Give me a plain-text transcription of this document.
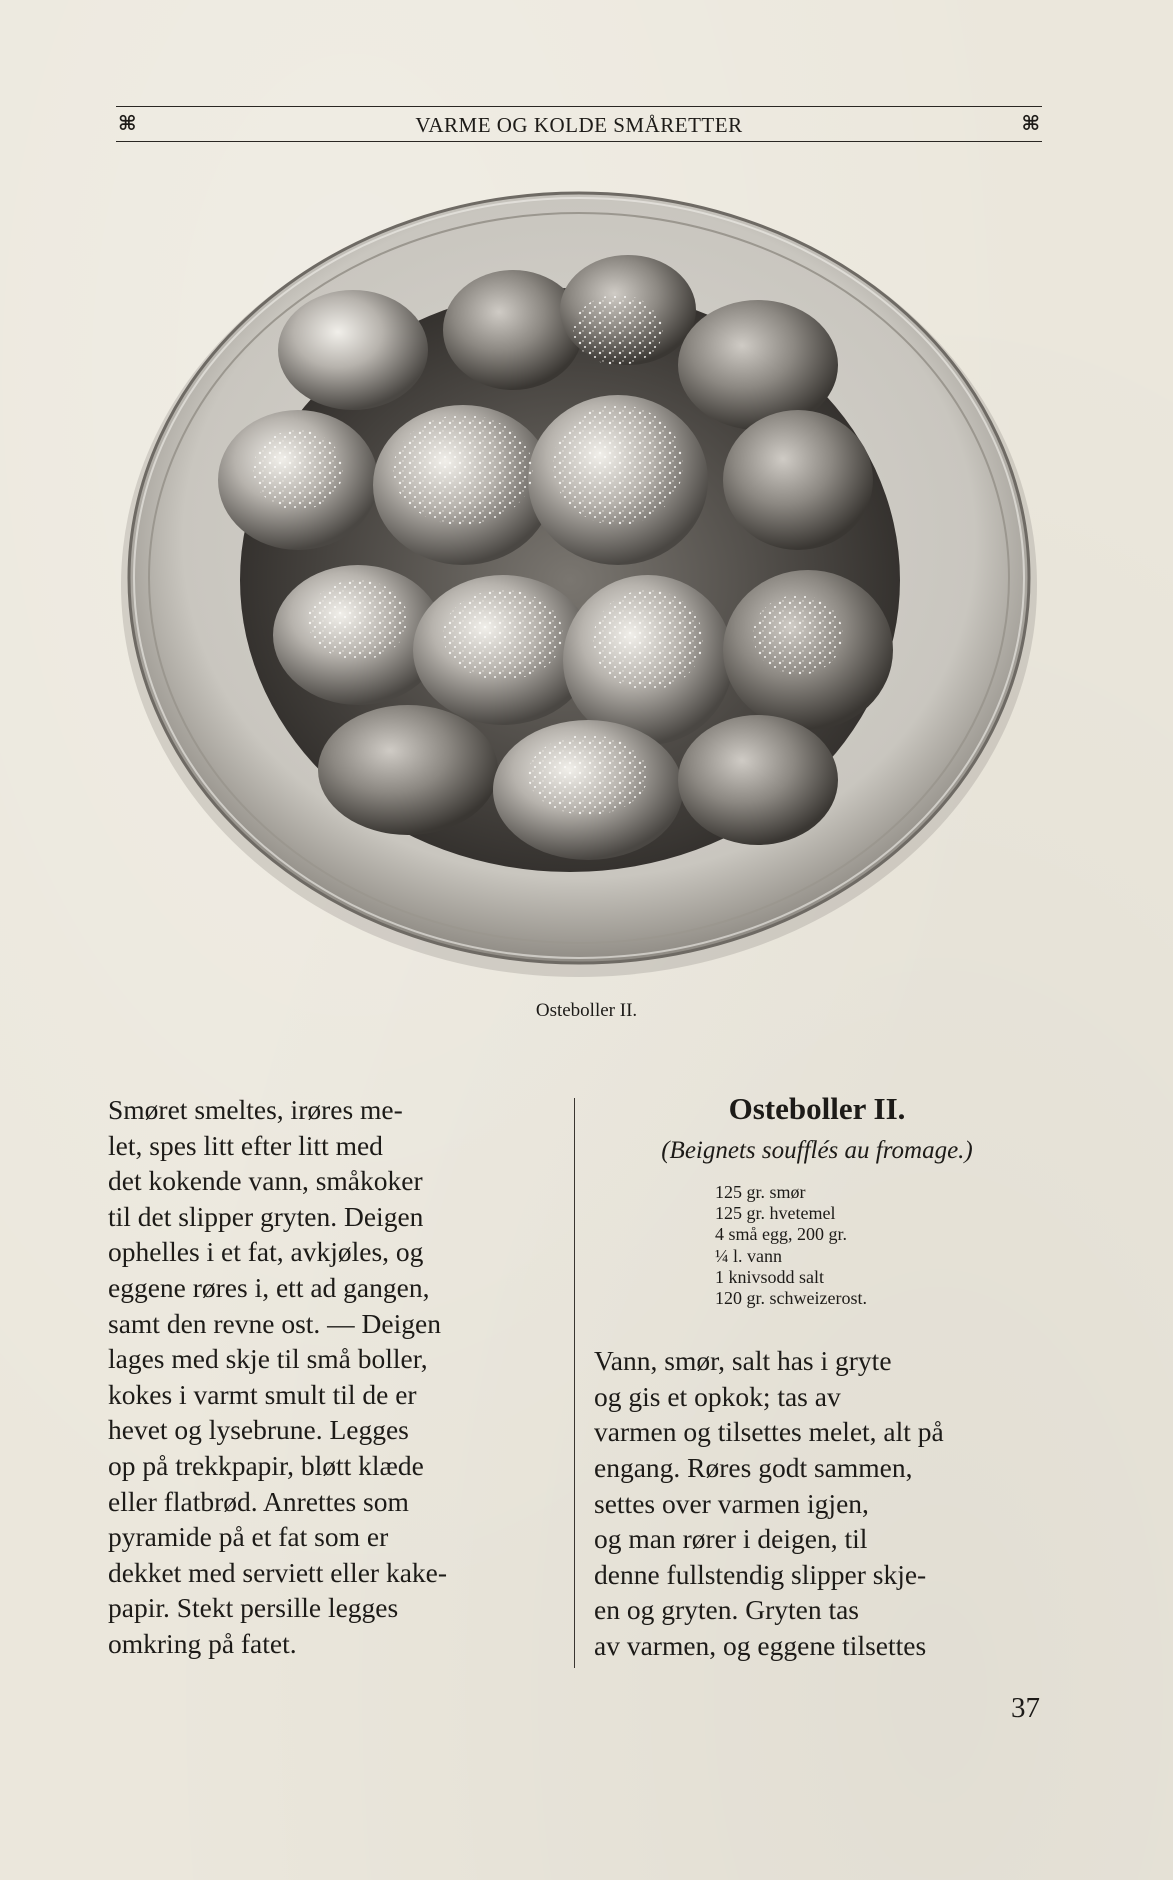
⌘	VARME OG KOLDE SMÅRETTER	⌘
Osteboller II.

Smøret smeltes, irøres me-
let, spes litt efter litt med
det kokende vann, småkoker
til det slipper gryten. Deigen
ophelles i et fat, avkjøles, og
eggene røres i, ett ad gangen,
samt den revne ost. — Deigen
lages med skje til små boller,
kokes i varmt smult til de er
hevet og lysebrune. Legges
op på trekkpapir, bløtt klæde
eller flatbrød. Anrettes som
pyramide på et fat som er
dekket med serviett eller kake-
papir. Stekt persille legges
omkring på fatet.

Osteboller II.
(Beignets soufflés au fromage.)
125 gr. smør
125 gr. hvetemel
4 små egg, 200 gr.
¼ l. vann
1 knivsodd salt
120 gr. schweizerost.

Vann, smør, salt has i gryte
og gis et opkok; tas av
varmen og tilsettes melet, alt på
engang. Røres godt sammen,
settes over varmen igjen,
og man rører i deigen, til
denne fullstendig slipper skje-
en og gryten. Gryten tas
av varmen, og eggene tilsettes

37
